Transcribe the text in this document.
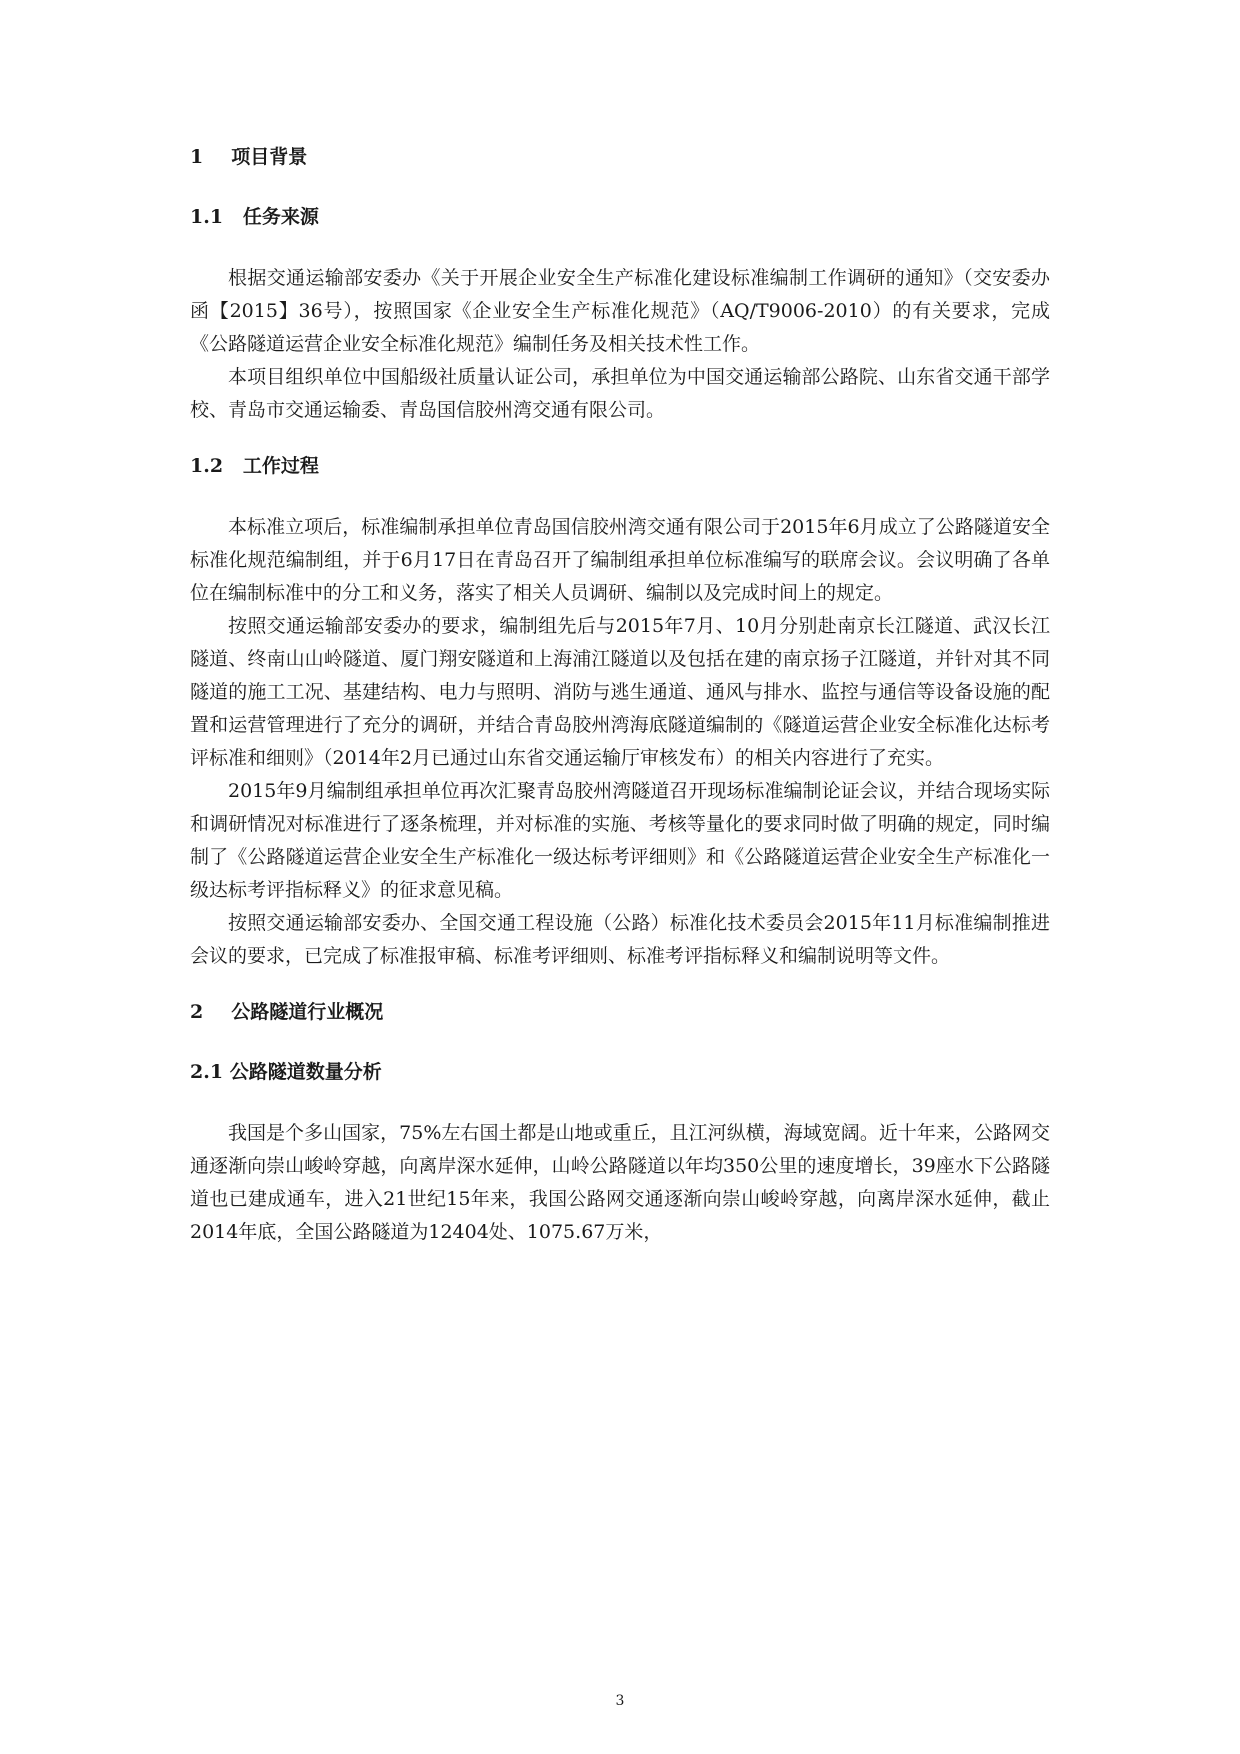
1 项目背景
1.1 任务来源

根据交通运输部安委办《关于开展企业安全生产标准化建设标准编制工作调研的通知》（交安委办函【2015】36号），按照国家《企业安全生产标准化规范》（AQ/T9006-2010）的有关要求，完成《公路隧道运营企业安全标准化规范》编制任务及相关技术性工作。

本项目组织单位中国船级社质量认证公司，承担单位为中国交通运输部公路院、山东省交通干部学校、青岛市交通运输委、青岛国信胶州湾交通有限公司。

1.2 工作过程

本标准立项后，标准编制承担单位青岛国信胶州湾交通有限公司于2015年6月成立了公路隧道安全标准化规范编制组，并于6月17日在青岛召开了编制组承担单位标准编写的联席会议。会议明确了各单位在编制标准中的分工和义务，落实了相关人员调研、编制以及完成时间上的规定。

按照交通运输部安委办的要求，编制组先后与2015年7月、10月分别赴南京长江隧道、武汉长江隧道、终南山山岭隧道、厦门翔安隧道和上海浦江隧道以及包括在建的南京扬子江隧道，并针对其不同隧道的施工工况、基建结构、电力与照明、消防与逃生通道、通风与排水、监控与通信等设备设施的配置和运营管理进行了充分的调研，并结合青岛胶州湾海底隧道编制的《隧道运营企业安全标准化达标考评标准和细则》（2014年2月已通过山东省交通运输厅审核发布）的相关内容进行了充实。

2015年9月编制组承担单位再次汇聚青岛胶州湾隧道召开现场标准编制论证会议，并结合现场实际和调研情况对标准进行了逐条梳理，并对标准的实施、考核等量化的要求同时做了明确的规定，同时编制了《公路隧道运营企业安全生产标准化一级达标考评细则》和《公路隧道运营企业安全生产标准化一级达标考评指标释义》的征求意见稿。

按照交通运输部安委办、全国交通工程设施（公路）标准化技术委员会2015年11月标准编制推进会议的要求，已完成了标准报审稿、标准考评细则、标准考评指标释义和编制说明等文件。

2 公路隧道行业概况
2.1 公路隧道数量分析

我国是个多山国家，75%左右国土都是山地或重丘，且江河纵横，海域宽阔。近十年来，公路网交通逐渐向崇山峻岭穿越，向离岸深水延伸，山岭公路隧道以年均350公里的速度增长，39座水下公路隧道也已建成通车，进入21世纪15年来，我国公路网交通逐渐向崇山峻岭穿越，向离岸深水延伸，截止2014年底，全国公路隧道为12404处、1075.67万米，

3
